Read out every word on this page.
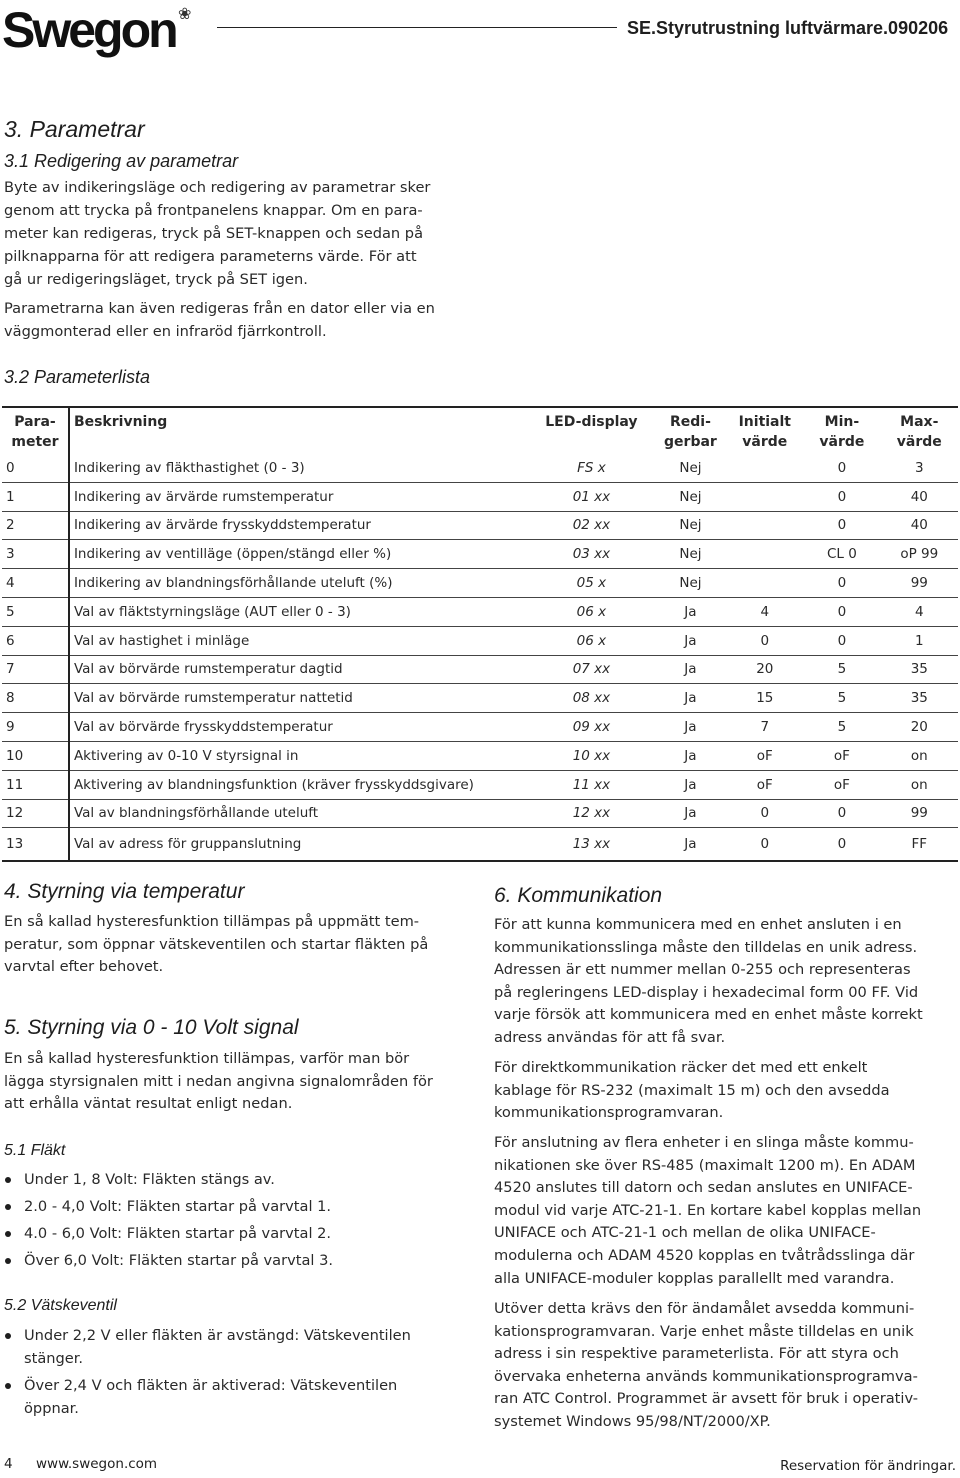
Swegon ❀
SE.Styrutrustning luftvärmare.090206
3. Parametrar
3.1 Redigering av parametrar
Byte av indikeringsläge och redigering av parametrar sker
genom att trycka på frontpanelens knappar. Om en para-
meter kan redigeras, tryck på SET-knappen och sedan på
pilknapparna för att redigera parameterns värde. För att
gå ur redigeringsläget, tryck på SET igen.
Parametrarna kan även redigeras från en dator eller via en
väggmonterad eller en infraröd fjärrkontroll.
3.2 Parameterlista
Para- meter	Beskrivning	LED-display	Redi- gerbar	Initialt värde	Min- värde	Max- värde
0	Indikering av fläkthastighet (0 - 3)	FS x	Nej		0	3
1	Indikering av ärvärde rumstemperatur	01 xx	Nej		0	40
2	Indikering av ärvärde frysskyddstemperatur	02 xx	Nej		0	40
3	Indikering av ventilläge (öppen/stängd eller %)	03 xx	Nej		CL 0	oP 99
4	Indikering av blandningsförhållande uteluft (%)	05 x	Nej		0	99
5	Val av fläktstyrningsläge (AUT eller 0 - 3)	06 x	Ja	4	0	4
6	Val av hastighet i minläge	06 x	Ja	0	0	1
7	Val av börvärde rumstemperatur dagtid	07 xx	Ja	20	5	35
8	Val av börvärde rumstemperatur nattetid	08 xx	Ja	15	5	35
9	Val av börvärde frysskyddstemperatur	09 xx	Ja	7	5	20
10	Aktivering av 0-10 V styrsignal in	10 xx	Ja	oF	oF	on
11	Aktivering av blandningsfunktion (kräver frysskyddsgivare)	11 xx	Ja	oF	oF	on
12	Val av blandningsförhållande uteluft	12 xx	Ja	0	0	99
13	Val av adress för gruppanslutning	13 xx	Ja	0	0	FF
4. Styrning via temperatur
En så kallad hysteresfunktion tillämpas på uppmätt tem-
peratur, som öppnar vätskeventilen och startar fläkten på
varvtal efter behovet.
5. Styrning via 0 - 10 Volt signal
En så kallad hysteresfunktion tillämpas, varför man bör
lägga styrsignalen mitt i nedan angivna signalområden för
att erhålla väntat resultat enligt nedan.
5.1 Fläkt
Under 1, 8 Volt: Fläkten stängs av.
2.0 - 4,0 Volt: Fläkten startar på varvtal 1.
4.0 - 6,0 Volt: Fläkten startar på varvtal 2.
Över 6,0 Volt: Fläkten startar på varvtal 3.
5.2 Vätskeventil
Under 2,2 V eller fläkten är avstängd: Vätskeventilen stänger.
Över 2,4 V och fläkten är aktiverad: Vätskeventilen öppnar.
6. Kommunikation
För att kunna kommunicera med en enhet ansluten i en
kommunikationsslinga måste den tilldelas en unik adress.
Adressen är ett nummer mellan 0-255 och representeras
på regleringens LED-display i hexadecimal form 00 FF. Vid
varje försök att kommunicera med en enhet måste korrekt
adress användas för att få svar.
För direktkommunikation räcker det med ett enkelt
kablage för RS-232 (maximalt 15 m) och den avsedda
kommunikationsprogramvaran.
För anslutning av flera enheter i en slinga måste kommu-
nikationen ske över RS-485 (maximalt 1200 m). En ADAM
4520 anslutes till datorn och sedan anslutes en UNIFACE-
modul vid varje ATC-21-1. En kortare kabel kopplas mellan
UNIFACE och ATC-21-1 och mellan de olika UNIFACE-
modulerna och ADAM 4520 kopplas en tvåtrådsslinga där
alla UNIFACE-moduler kopplas parallellt med varandra.
Utöver detta krävs den för ändamålet avsedda kommuni-
kationsprogramvaran. Varje enhet måste tilldelas en unik
adress i sin respektive parameterlista. För att styra och
övervaka enheterna används kommunikationsprogramva-
ran ATC Control. Programmet är avsett för bruk i operativ-
systemet Windows 95/98/NT/2000/XP.
4 www.swegon.com	Reservation för ändringar.
